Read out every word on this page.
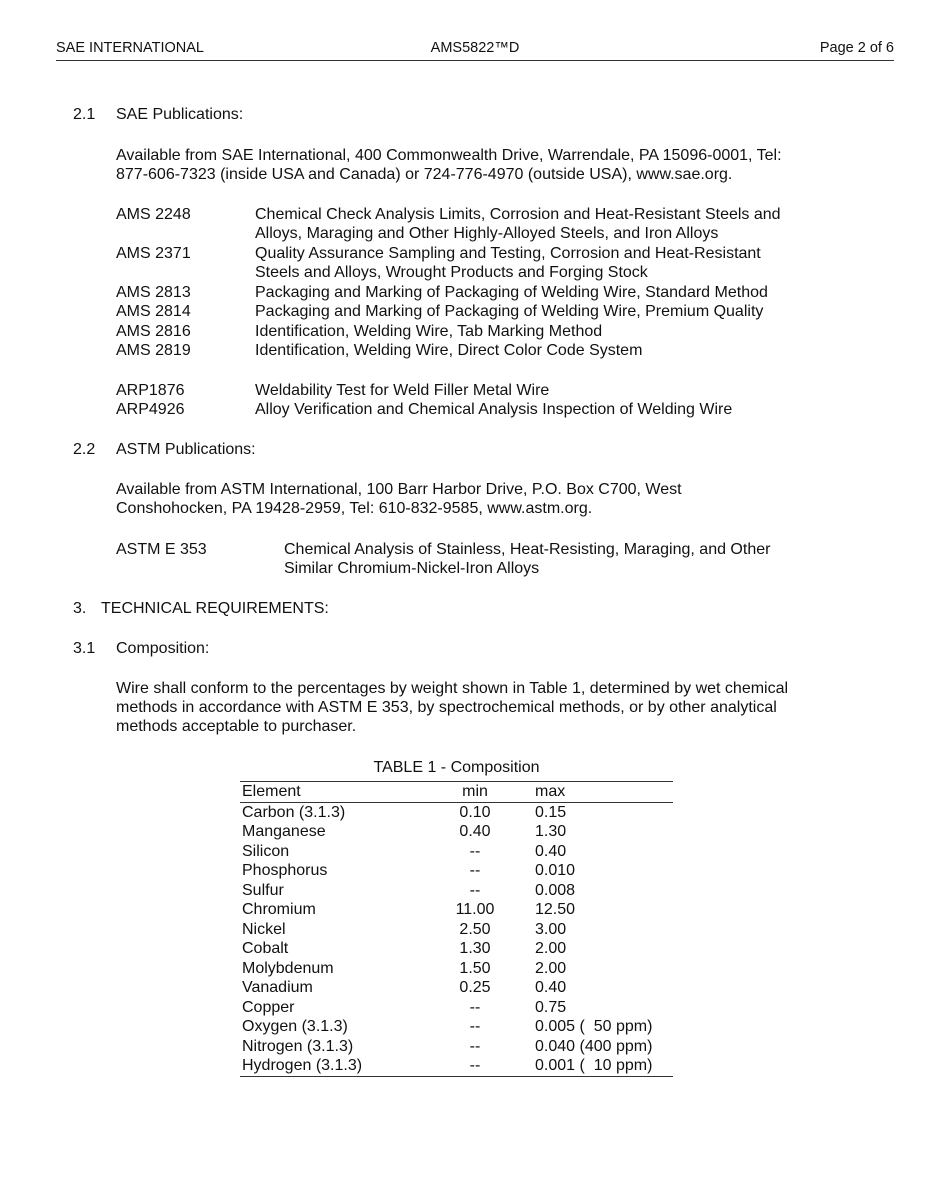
SAE INTERNATIONAL	AMS5822™D	Page 2 of 6
2.1 SAE Publications:
Available from SAE International, 400 Commonwealth Drive, Warrendale, PA 15096-0001, Tel:
877-606-7323 (inside USA and Canada) or 724-776-4970 (outside USA), www.sae.org.
AMS 2248	Chemical Check Analysis Limits, Corrosion and Heat-Resistant Steels and
Alloys, Maraging and Other Highly-Alloyed Steels, and Iron Alloys
AMS 2371	Quality Assurance Sampling and Testing, Corrosion and Heat-Resistant
Steels and Alloys, Wrought Products and Forging Stock
AMS 2813	Packaging and Marking of Packaging of Welding Wire, Standard Method
AMS 2814	Packaging and Marking of Packaging of Welding Wire, Premium Quality
AMS 2816	Identification, Welding Wire, Tab Marking Method
AMS 2819	Identification, Welding Wire, Direct Color Code System
ARP1876	Weldability Test for Weld Filler Metal Wire
ARP4926	Alloy Verification and Chemical Analysis Inspection of Welding Wire
2.2 ASTM Publications:
Available from ASTM International, 100 Barr Harbor Drive, P.O. Box C700, West
Conshohocken, PA 19428-2959, Tel: 610-832-9585, www.astm.org.
ASTM E 353	Chemical Analysis of Stainless, Heat-Resisting, Maraging, and Other
Similar Chromium-Nickel-Iron Alloys
3. TECHNICAL REQUIREMENTS:
3.1 Composition:
Wire shall conform to the percentages by weight shown in Table 1, determined by wet chemical
methods in accordance with ASTM E 353, by spectrochemical methods, or by other analytical
methods acceptable to purchaser.
TABLE 1 - Composition
Element	min	max
Carbon (3.1.3)	0.10	0.15
Manganese	0.40	1.30
Silicon	--	0.40
Phosphorus	--	0.010
Sulfur	--	0.008
Chromium	11.00	12.50
Nickel	2.50	3.00
Cobalt	1.30	2.00
Molybdenum	1.50	2.00
Vanadium	0.25	0.40
Copper	--	0.75
Oxygen (3.1.3)	--	0.005 (  50 ppm)
Nitrogen (3.1.3)	--	0.040 (400 ppm)
Hydrogen (3.1.3)	--	0.001 (  10 ppm)
